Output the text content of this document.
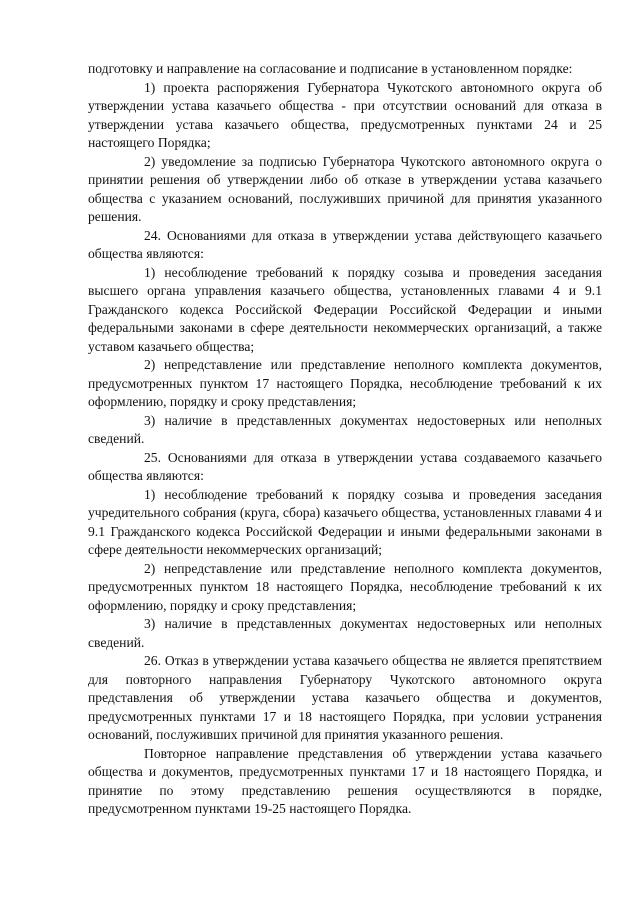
подготовку и направление на согласование и подписание в установленном порядке:

1) проекта распоряжения Губернатора Чукотского автономного округа об утверждении устава казачьего общества - при отсутствии оснований для отказа в утверждении устава казачьего общества, предусмотренных пунктами 24 и 25 настоящего Порядка;

2) уведомление за подписью Губернатора Чукотского автономного округа о принятии решения об утверждении либо об отказе в утверждении устава казачьего общества с указанием оснований, послуживших причиной для принятия указанного решения.

24. Основаниями для отказа в утверждении устава действующего казачьего общества являются:

1) несоблюдение требований к порядку созыва и проведения заседания высшего органа управления казачьего общества, установленных главами 4 и 9.1 Гражданского кодекса Российской Федерации Российской Федерации и иными федеральными законами в сфере деятельности некоммерческих организаций, а также уставом казачьего общества;

2) непредставление или представление неполного комплекта документов, предусмотренных пунктом 17 настоящего Порядка, несоблюдение требований к их оформлению, порядку и сроку представления;

3) наличие в представленных документах недостоверных или неполных сведений.

25. Основаниями для отказа в утверждении устава создаваемого казачьего общества являются:

1) несоблюдение требований к порядку созыва и проведения заседания учредительного собрания (круга, сбора) казачьего общества, установленных главами 4 и 9.1 Гражданского кодекса Российской Федерации и иными федеральными законами в сфере деятельности некоммерческих организаций;

2) непредставление или представление неполного комплекта документов, предусмотренных пунктом 18 настоящего Порядка, несоблюдение требований к их оформлению, порядку и сроку представления;

3) наличие в представленных документах недостоверных или неполных сведений.

26. Отказ в утверждении устава казачьего общества не является препятствием для повторного направления Губернатору Чукотского автономного округа представления об утверждении устава казачьего общества и документов, предусмотренных пунктами 17 и 18 настоящего Порядка, при условии устранения оснований, послуживших причиной для принятия указанного решения.

Повторное направление представления об утверждении устава казачьего общества и документов, предусмотренных пунктами 17 и 18 настоящего Порядка, и принятие по этому представлению решения осуществляются в порядке, предусмотренном пунктами 19-25 настоящего Порядка.
